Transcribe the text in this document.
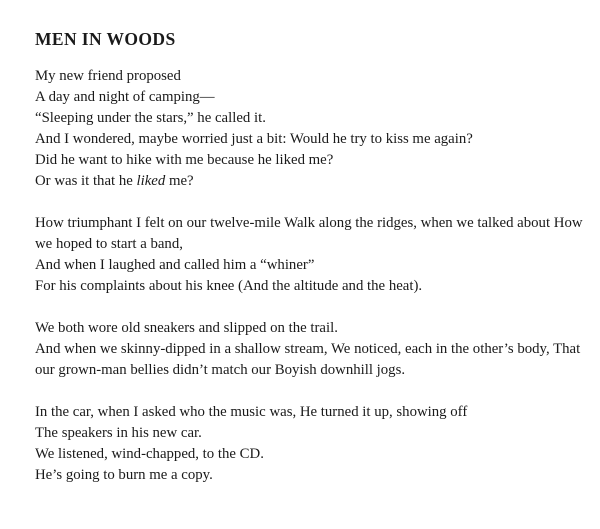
MEN IN WOODS
My new friend proposed
A day and night of camping—
“Sleeping under the stars,” he called it.
And I wondered, maybe worried just a bit: Would he try to kiss me again?
Did he want to hike with me because he liked me?
Or was it that he liked me?
How triumphant I felt on our twelve-mile Walk along the ridges, when we talked about How we hoped to start a band,
And when I laughed and called him a “whiner”
For his complaints about his knee (And the altitude and the heat).
We both wore old sneakers and slipped on the trail.
And when we skinny-dipped in a shallow stream, We noticed, each in the other’s body, That our grown-man bellies didn’t match our Boyish downhill jogs.
In the car, when I asked who the music was, He turned it up, showing off
The speakers in his new car.
We listened, wind-chapped, to the CD.
He’s going to burn me a copy.
